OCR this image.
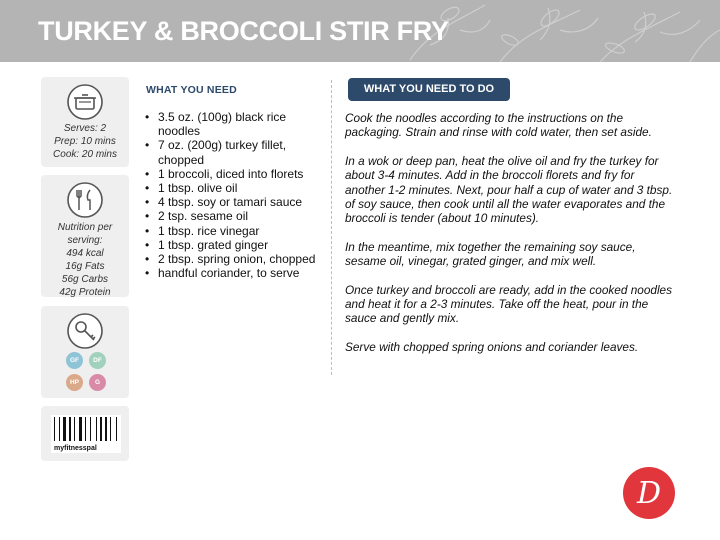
TURKEY & BROCCOLI STIR FRY
Serves: 2
Prep: 10 mins
Cook: 20 mins
Nutrition per
serving:
494 kcal
16g Fats
56g Carbs
42g Protein
GF	DF
HP	G
myfitnesspal
WHAT YOU NEED
• 3.5 oz. (100g) black rice noodles
• 7 oz. (200g) turkey fillet, chopped
• 1 broccoli, diced into florets
• 1 tbsp. olive oil
• 4 tbsp. soy or tamari sauce
• 2 tsp. sesame oil
• 1 tbsp. rice vinegar
• 1 tbsp. grated ginger
• 2 tbsp. spring onion, chopped
• handful coriander, to serve
WHAT YOU NEED TO DO

Cook the noodles according to the instructions on the packaging. Strain and rinse with cold water, then set aside.

In a wok or deep pan, heat the olive oil and fry the turkey for about 3-4 minutes. Add in the broccoli florets and fry for another 1-2 minutes. Next, pour half a cup of water and 3 tbsp. of soy sauce, then cook until all the water evaporates and the broccoli is tender (about 10 minutes).

In the meantime, mix together the remaining soy sauce, sesame oil, vinegar, grated ginger, and mix well.

Once turkey and broccoli are ready, add in the cooked noodles and heat it for a 2-3 minutes. Take off the heat, pour in the sauce and gently mix.

Serve with chopped spring onions and coriander leaves.

D
